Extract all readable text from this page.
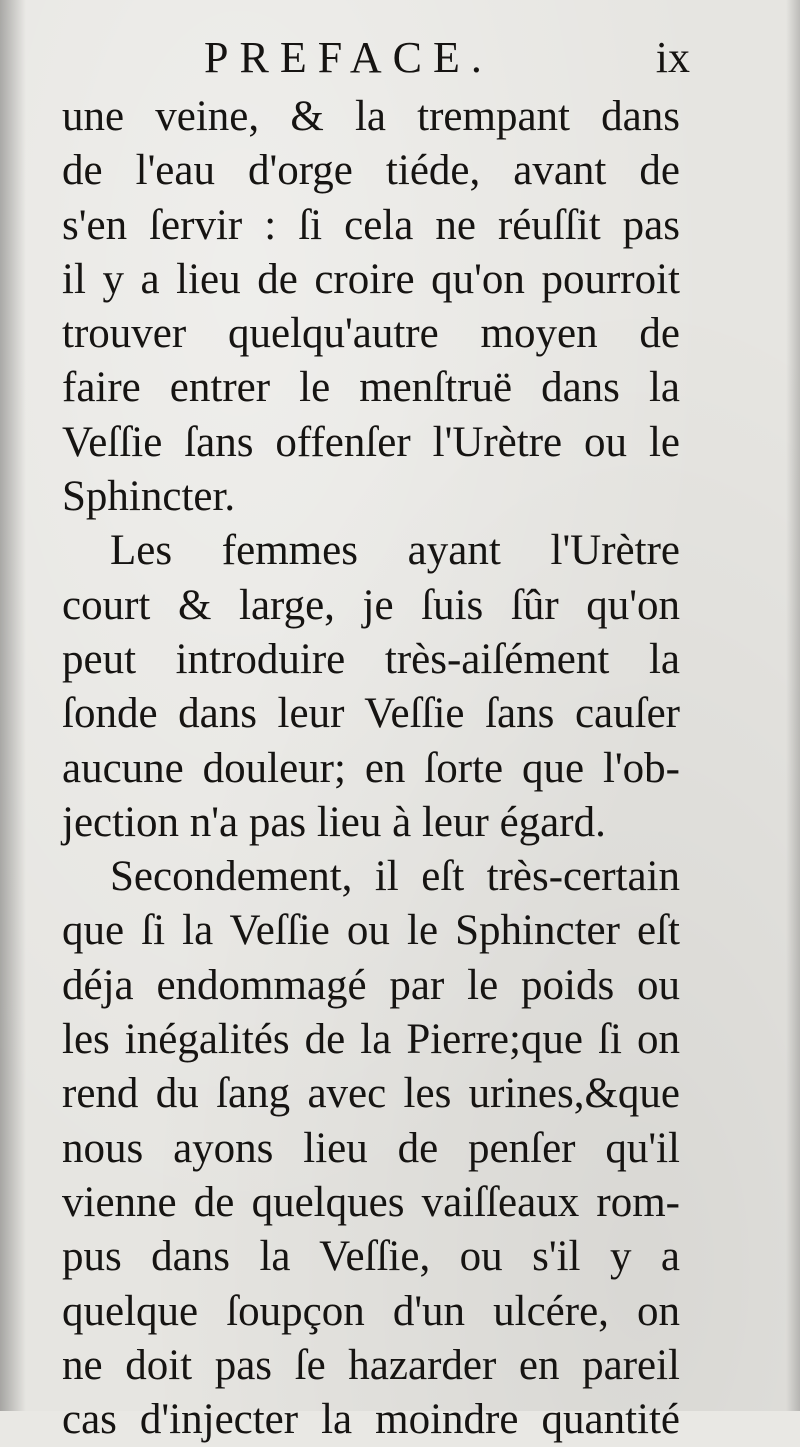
PREFACE.	ix
une veine, & la trempant dans
de l'eau d'orge tiéde, avant de
s'en ſervir : ſi cela ne réuſſit pas
il y a lieu de croire qu'on pourroit
trouver quelqu'autre moyen de
faire entrer le menſtruë dans la
Veſſie ſans offenſer l'Urètre ou le
Sphincter.
Les femmes ayant l'Urètre
court & large, je ſuis ſûr qu'on
peut introduire très-aiſément la
ſonde dans leur Veſſie ſans cauſer
aucune douleur; en ſorte que l'ob-
jection n'a pas lieu à leur égard.
Secondement, il eſt très-certain
que ſi la Veſſie ou le Sphincter eſt
déja endommagé par le poids ou
les inégalités de la Pierre;que ſi on
rend du ſang avec les urines,&que
nous ayons lieu de penſer qu'il
vienne de quelques vaiſſeaux rom-
pus dans la Veſſie, ou s'il y a
quelque ſoupçon d'un ulcére, on
ne doit pas ſe hazarder en pareil
cas d'injecter la moindre quantité
